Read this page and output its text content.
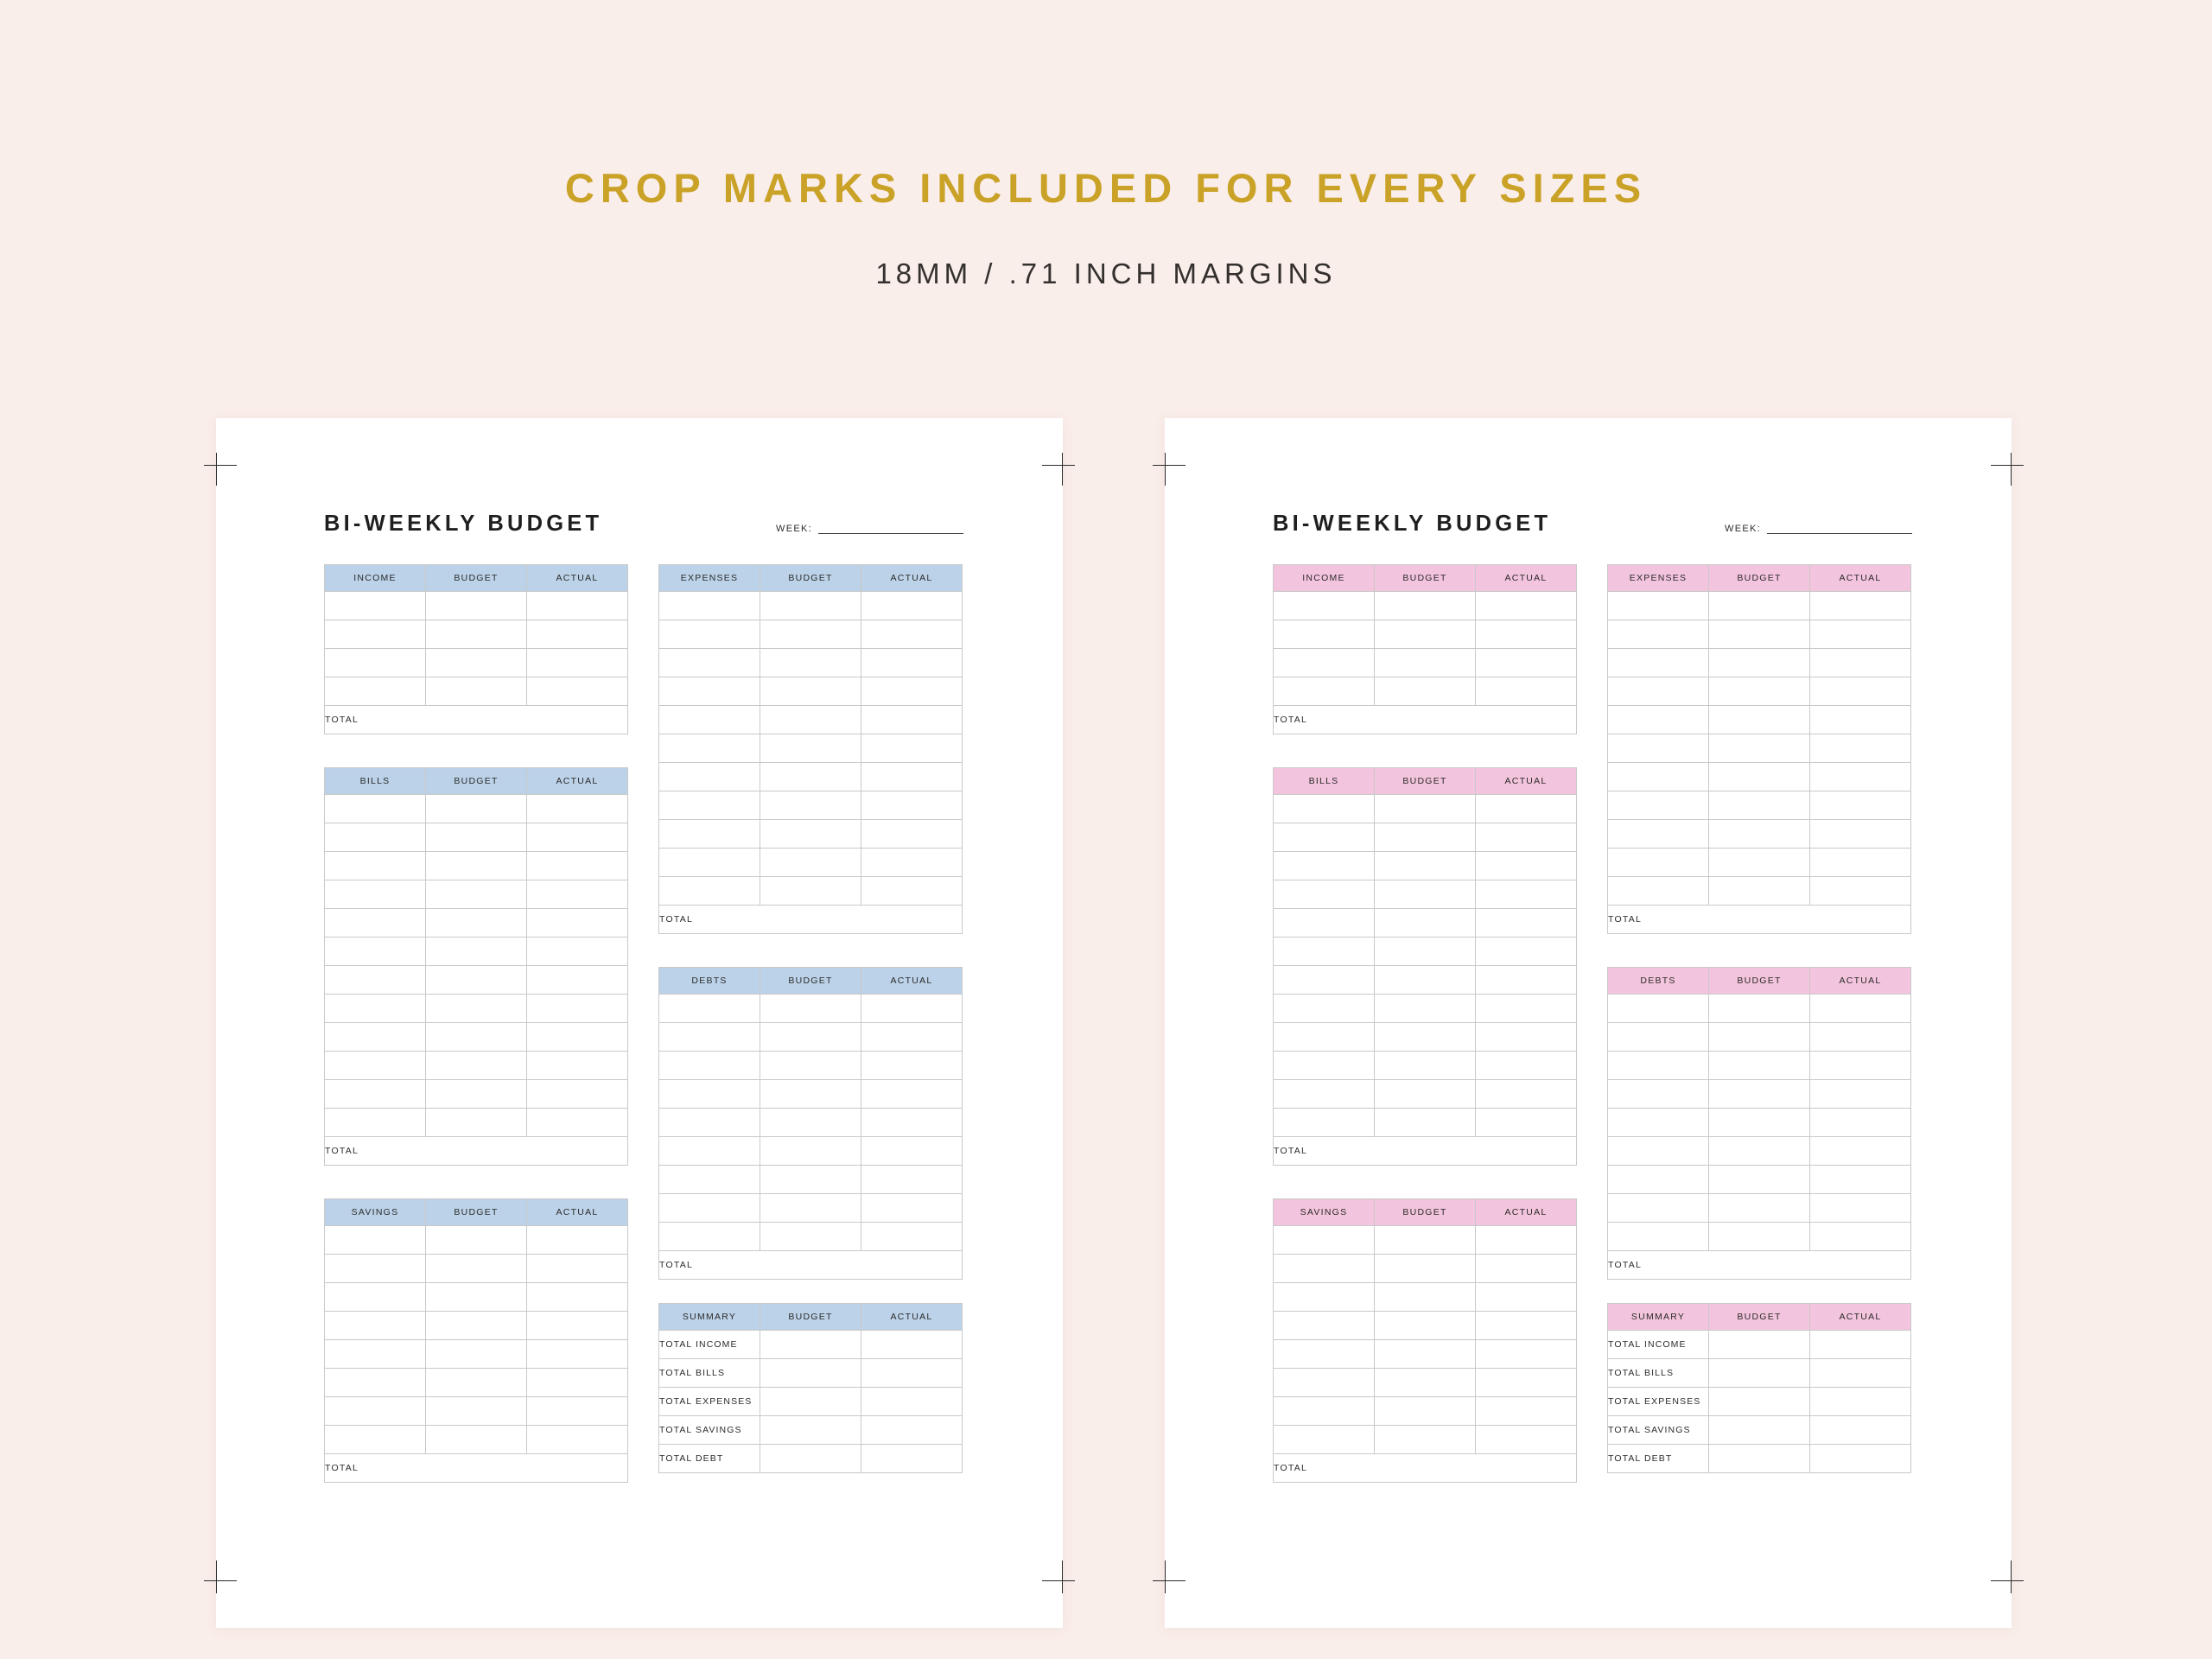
CROP MARKS INCLUDED FOR EVERY SIZES
18MM / .71 INCH MARGINS
BI-WEEKLY BUDGET	WEEK:
INCOME	BUDGET	ACTUAL

TOTAL		
BILLS	BUDGET	ACTUAL

TOTAL		
SAVINGS	BUDGET	ACTUAL

TOTAL		
EXPENSES	BUDGET	ACTUAL

TOTAL		
DEBTS	BUDGET	ACTUAL

TOTAL		
SUMMARY	BUDGET	ACTUAL
TOTAL INCOME		
TOTAL BILLS		
TOTAL EXPENSES		
TOTAL SAVINGS		
TOTAL DEBT		
BI-WEEKLY BUDGET	WEEK:
INCOME	BUDGET	ACTUAL

TOTAL		
BILLS	BUDGET	ACTUAL

TOTAL		
SAVINGS	BUDGET	ACTUAL

TOTAL		
EXPENSES	BUDGET	ACTUAL

TOTAL		
DEBTS	BUDGET	ACTUAL

TOTAL		
SUMMARY	BUDGET	ACTUAL
TOTAL INCOME		
TOTAL BILLS		
TOTAL EXPENSES		
TOTAL SAVINGS		
TOTAL DEBT		
